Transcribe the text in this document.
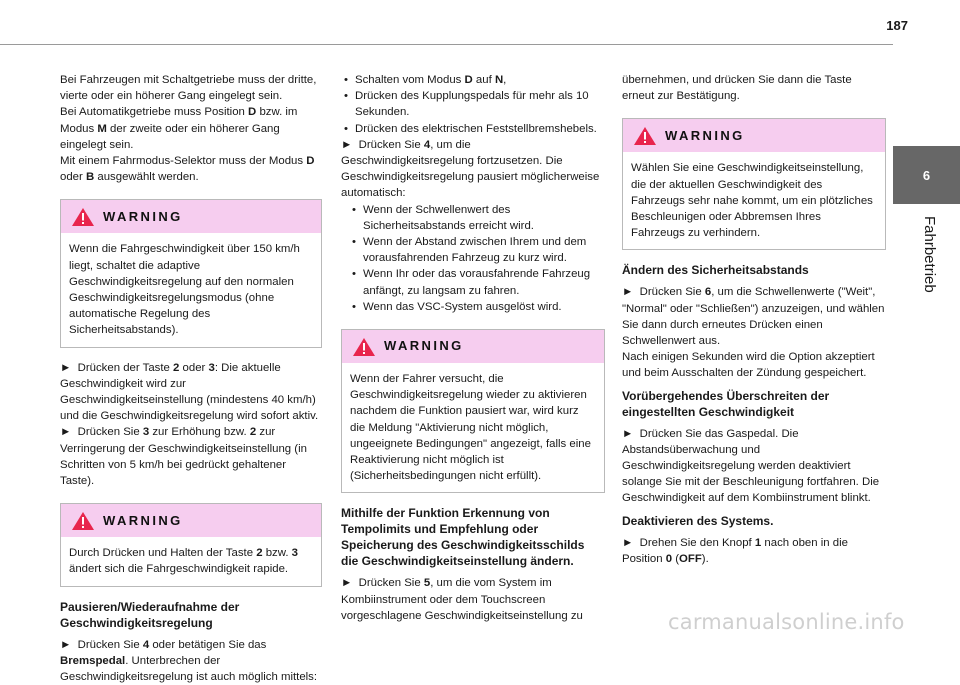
187
6
Fahrbetrieb

Bei Fahrzeugen mit Schaltgetriebe muss der dritte, vierte oder ein höherer Gang eingelegt sein.

Bei Automatikgetriebe muss Position D bzw. im Modus M der zweite oder ein höherer Gang eingelegt sein.

Mit einem Fahrmodus-Selektor muss der Modus D oder B ausgewählt werden.

WARNING
Wenn die Fahrgeschwindigkeit über 150 km/h liegt, schaltet die adaptive Geschwindigkeitsregelung auf den normalen Geschwindigkeitsregelungsmodus (ohne automatische Regelung des Sicherheitsabstands).

► Drücken der Taste 2 oder 3: Die aktuelle Geschwindigkeit wird zur Geschwindigkeitseinstellung (mindestens 40 km/h) und die Geschwindigkeitsregelung wird sofort aktiv.

► Drücken Sie 3 zur Erhöhung bzw. 2 zur Verringerung der Geschwindigkeitseinstellung (in Schritten von 5 km/h bei gedrückt gehaltener Taste).

WARNING
Durch Drücken und Halten der Taste 2 bzw. 3 ändert sich die Fahrgeschwindigkeit rapide.
Pausieren/Wiederaufnahme der Geschwindigkeitsregelung

► Drücken Sie 4 oder betätigen Sie das Bremspedal. Unterbrechen der Geschwindigkeitsregelung ist auch möglich mittels:

• Schalten vom Modus D auf N,
• Drücken des Kupplungspedals für mehr als 10 Sekunden.
• Drücken des elektrischen Feststellbremshebels.

► Drücken Sie 4, um die Geschwindigkeitsregelung fortzusetzen. Die Geschwindigkeitsregelung pausiert möglicherweise automatisch:

• Wenn der Schwellenwert des Sicherheitsabstands erreicht wird.
• Wenn der Abstand zwischen Ihrem und dem vorausfahrenden Fahrzeug zu kurz wird.
• Wenn Ihr oder das vorausfahrende Fahrzeug anfängt, zu langsam zu fahren.
• Wenn das VSC-System ausgelöst wird.
WARNING
Wenn der Fahrer versucht, die Geschwindigkeitsregelung wieder zu aktivieren nachdem die Funktion pausiert war, wird kurz die Meldung "Aktivierung nicht möglich, ungeeignete Bedingungen" angezeigt, falls eine Reaktivierung nicht möglich ist (Sicherheitsbedingungen nicht erfüllt).
Mithilfe der Funktion Erkennung von Tempolimits und Empfehlung oder Speicherung des Geschwindigkeitsschilds die Geschwindigkeitseinstellung ändern.

► Drücken Sie 5, um die vom System im Kombiinstrument oder dem Touchscreen vorgeschlagene Geschwindigkeitseinstellung zu

übernehmen, und drücken Sie dann die Taste erneut zur Bestätigung.

WARNING
Wählen Sie eine Geschwindigkeitseinstellung, die der aktuellen Geschwindigkeit des Fahrzeugs sehr nahe kommt, um ein plötzliches Beschleunigen oder Abbremsen Ihres Fahrzeugs zu verhindern.
Ändern des Sicherheitsabstands

► Drücken Sie 6, um die Schwellenwerte ("Weit", "Normal" oder "Schließen") anzuzeigen, und wählen Sie dann durch erneutes Drücken einen Schwellenwert aus.

Nach einigen Sekunden wird die Option akzeptiert und beim Ausschalten der Zündung gespeichert.

Vorübergehendes Überschreiten der eingestellten Geschwindigkeit

► Drücken Sie das Gaspedal. Die Abstandsüberwachung und Geschwindigkeitsregelung werden deaktiviert solange Sie mit der Beschleunigung fortfahren. Die Geschwindigkeit auf dem Kombiinstrument blinkt.

Deaktivieren des Systems.

► Drehen Sie den Knopf 1 nach oben in die Position 0 (OFF).

carmanualsonline.info
